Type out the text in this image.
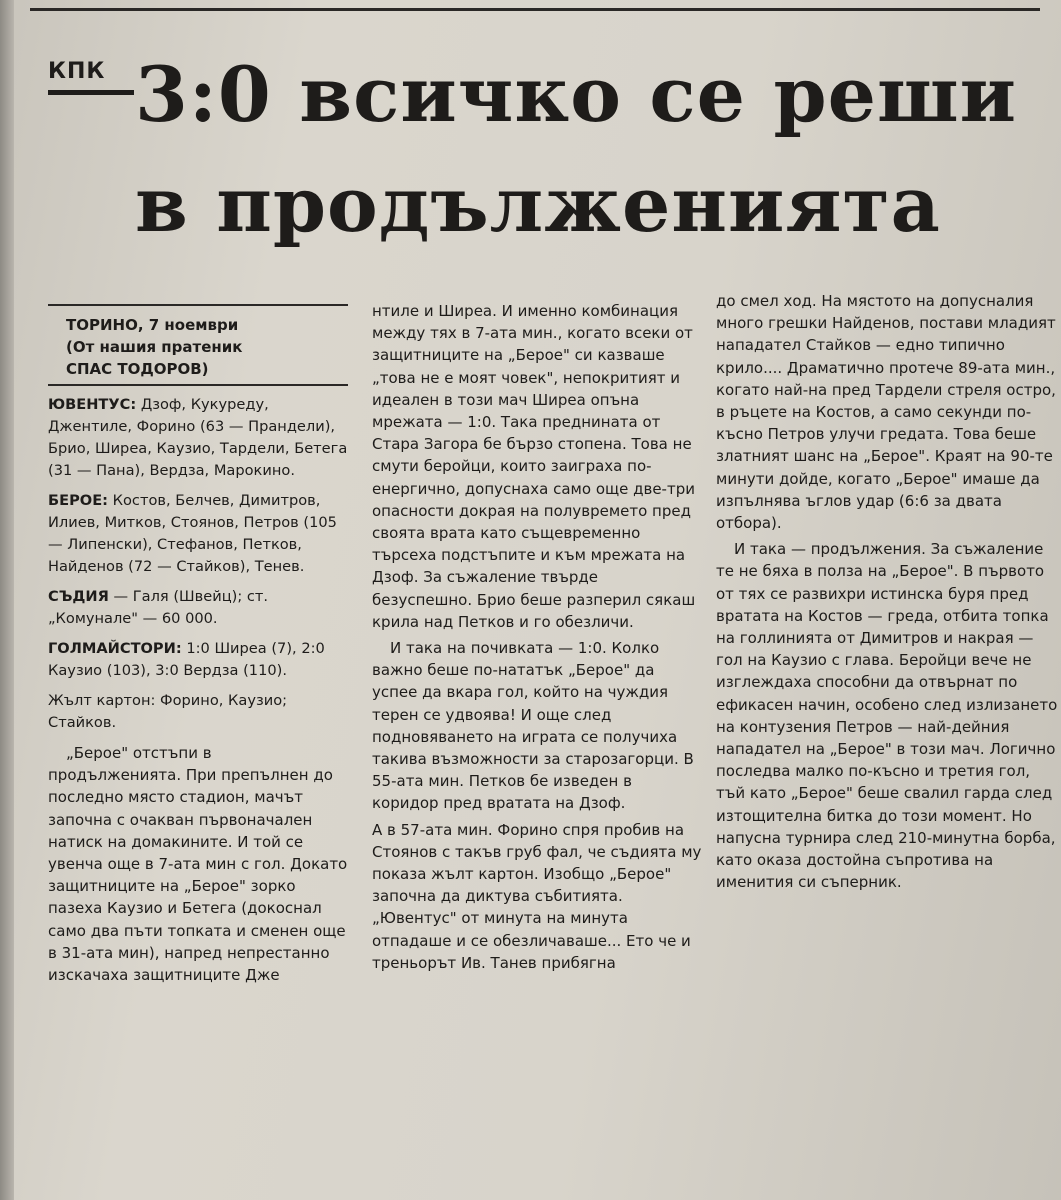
КПК 3:0 всичко се реши

в продълженията
ТОРИНО, 7 ноември
(От нашия пратеник
СПАС ТОДОРОВ)
ЮВЕНТУС: Дзоф, Кукуреду, Джентиле, Форино (63 — Прандели), Брио, Ширеа, Каузио, Тардели, Бетега (31 — Пана), Вердза, Марокино.
БЕРОЕ: Костов, Белчев, Димитров, Илиев, Митков, Стоянов, Петров (105 — Липенски), Стефанов, Петков, Найденов (72 — Стайков), Тенев.
СЪДИЯ — Галя (Швейц); ст. „Комунале" — 60 000.
ГОЛМАЙСТОРИ: 1:0 Ширеа (7), 2:0 Каузио (103), 3:0 Вердза (110).
Жълт картон: Форино, Каузио; Стайков.

„Берое" отстъпи в продълженията. При препълнен до последно място стадион, мачът започна с очакван първоначален натиск на домакините. И той се увенча още в 7-ата мин с гол. Докато защитниците на „Берое" зорко пазеха Каузио и Бетега (докоснал само два пъти топката и сменен още в 31-ата мин), напред непрестанно изскачаха защитниците Дже

нтиле и Ширеа. И именно комбинация между тях в 7-ата мин., когато всеки от защитниците на „Берое" си казваше „това не е моят човек", непокритият и идеален в този мач Ширеа опъна мрежата — 1:0. Така преднината от Стара Загора бе бързо стопена. Това не смути беройци, които заиграха по-енергично, допуснаха само още две-три опасности докрая на полувремето пред своята врата като същевременно търсеха подстъпите и към мрежата на Дзоф. За съжаление твърде безуспешно. Брио беше разперил сякаш крила над Петков и го обезличи.

И така на почивката — 1:0. Колко важно беше по-нататък „Берое" да успее да вкара гол, който на чуждия терен се удвоява! И още след подновяването на играта се получиха такива възможности за старозагорци. В 55-ата мин. Петков бе изведен в коридор пред вратата на Дзоф.

А в 57-ата мин. Форино спря пробив на Стоянов с такъв груб фал, че съдията му показа жълт картон. Изобщо „Берое" започна да диктува събитията. „Ювентус" от минута на минута отпадаше и се обезличаваше... Ето че и треньорът Ив. Танев прибягна

до смел ход. На мястото на допусналия много грешки Найденов, постави младият нападател Стайков — едно типично крило.... Драматично протече 89-ата мин., когато най-на пред Тардели стреля остро, в ръцете на Костов, а само секунди по-късно Петров улучи гредата. Това беше златният шанс на „Берое". Краят на 90-те минути дойде, когато „Берое" имаше да изпълнява ъглов удар (6:6 за двата отбора).

И така — продължения. За съжаление те не бяха в полза на „Берое". В първото от тях се развихри истинска буря пред вратата на Костов — греда, отбита топка на голлинията от Димитров и накрая — гол на Каузио с глава. Беройци вече не изглеждаха способни да отвърнат по ефикасен начин, особено след излизането на контузения Петров — най-дейния нападател на „Берое" в този мач. Логично последва малко по-късно и третия гол, тъй като „Берое" беше свалил гарда след изтощителна битка до този момент. Но напусна турнира след 210-минутна борба, като оказа достойна съпротива на именития си съперник.
